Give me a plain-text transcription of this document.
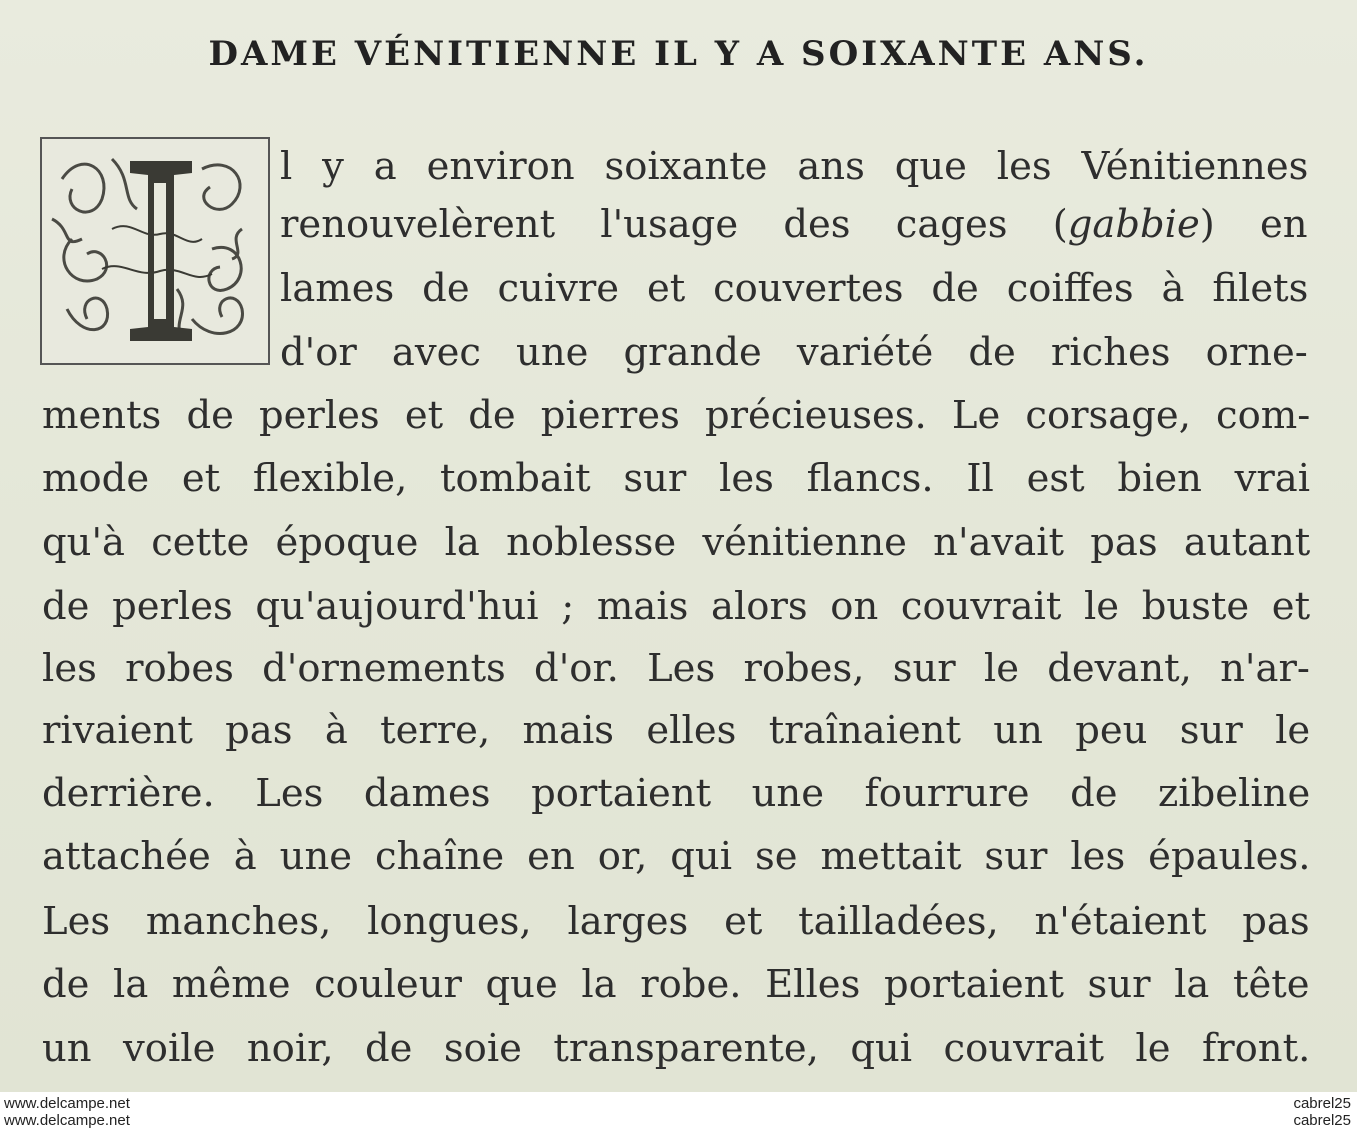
DAME VÉNITIENNE IL Y A SOIXANTE ANS.
l y a environ soixante ans que les Vénitiennes
renouvelèrent l'usage des cages (gabbie) en
lames de cuivre et couvertes de coiffes à filets
d'or avec une grande variété de riches orne-
ments de perles et de pierres précieuses. Le corsage, com-
mode et flexible, tombait sur les flancs. Il est bien vrai
qu'à cette époque la noblesse vénitienne n'avait pas autant
de perles qu'aujourd'hui ; mais alors on couvrait le buste et
les robes d'ornements d'or. Les robes, sur le devant, n'ar-
rivaient pas à terre, mais elles traînaient un peu sur le
derrière. Les dames portaient une fourrure de zibeline
attachée à une chaîne en or, qui se mettait sur les épaules.
Les manches, longues, larges et tailladées, n'étaient pas
de la même couleur que la robe. Elles portaient sur la tête
un voile noir, de soie transparente, qui couvrait le front.
www.delcampe.net
www.delcampe.net
cabrel25
cabrel25
